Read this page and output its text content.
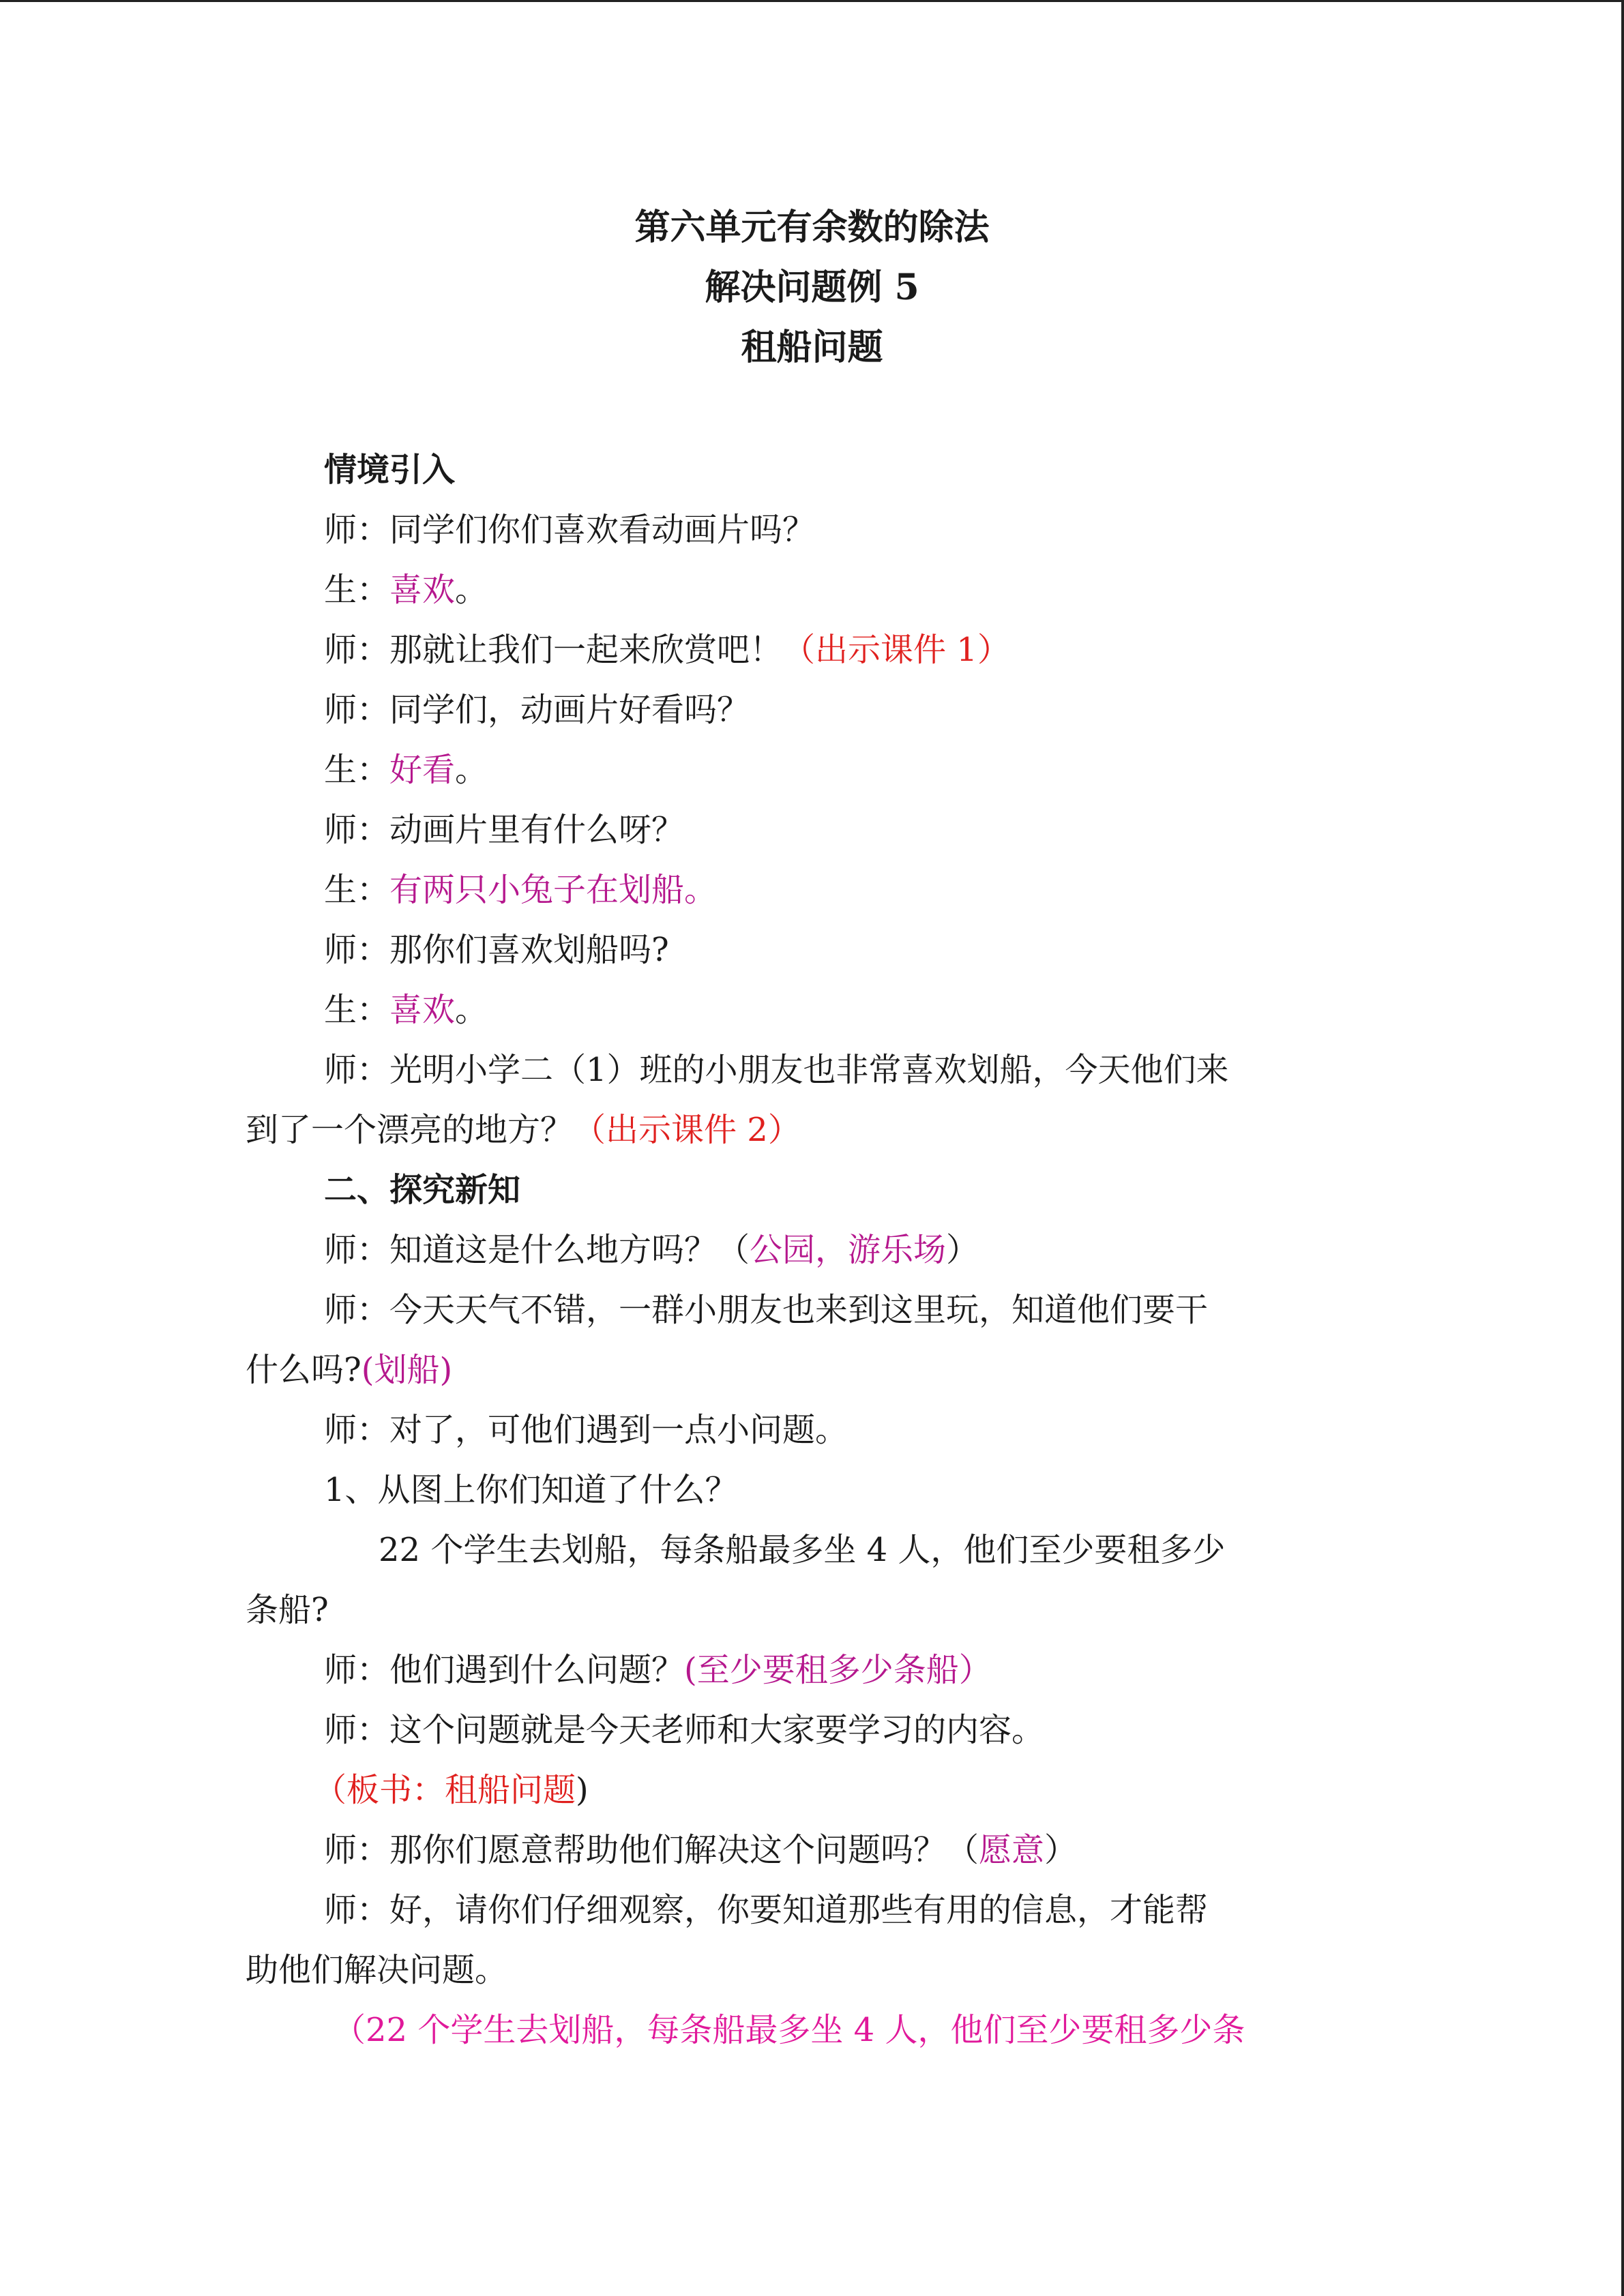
第六单元有余数的除法
解决问题例 5
租船问题
情境引入
师：同学们你们喜欢看动画片吗？
生：喜欢。
师：那就让我们一起来欣赏吧！（出示课件 1）
师：同学们，动画片好看吗？
生：好看。
师：动画片里有什么呀？
生：有两只小兔子在划船。
师：那你们喜欢划船吗?
生：喜欢。
师：光明小学二（1）班的小朋友也非常喜欢划船，今天他们来
到了一个漂亮的地方？（出示课件 2）
二、探究新知
师：知道这是什么地方吗？（公园，游乐场）
师：今天天气不错，一群小朋友也来到这里玩，知道他们要干
什么吗?(划船)
师：对了，可他们遇到一点小问题。
1、从图上你们知道了什么？
22 个学生去划船，每条船最多坐 4 人，他们至少要租多少
条船?
师：他们遇到什么问题？(至少要租多少条船）
师：这个问题就是今天老师和大家要学习的内容。
（板书：租船问题)
师：那你们愿意帮助他们解决这个问题吗？（愿意）
师：好，请你们仔细观察，你要知道那些有用的信息，才能帮
助他们解决问题。
（22 个学生去划船，每条船最多坐 4 人，他们至少要租多少条
